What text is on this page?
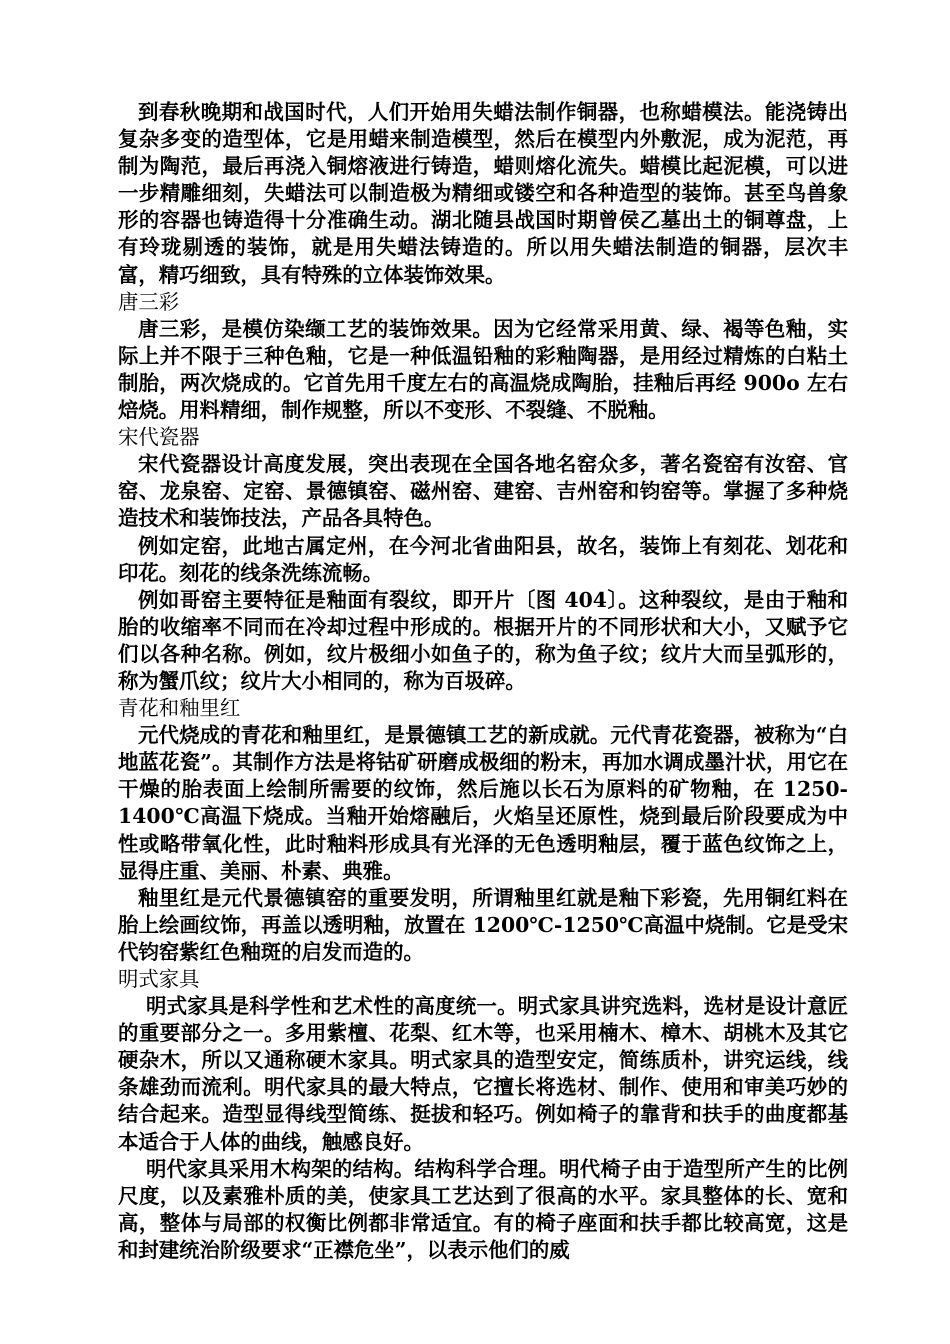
到春秋晚期和战国时代，人们开始用失蜡法制作铜器，也称蜡模法。能浇铸出复杂多变的造型体，它是用蜡来制造模型，然后在模型内外敷泥，成为泥范，再制为陶范，最后再浇入铜熔液进行铸造，蜡则熔化流失。蜡模比起泥模，可以进一步精雕细刻，失蜡法可以制造极为精细或镂空和各种造型的装饰。甚至鸟兽象形的容器也铸造得十分准确生动。湖北随县战国时期曾侯乙墓出土的铜尊盘，上有玲珑剔透的装饰，就是用失蜡法铸造的。所以用失蜡法制造的铜器，层次丰富，精巧细致，具有特殊的立体装饰效果。

唐三彩

唐三彩，是模仿染缬工艺的装饰效果。因为它经常采用黄、绿、褐等色釉，实际上并不限于三种色釉，它是一种低温铅釉的彩釉陶器，是用经过精炼的白粘土制胎，两次烧成的。它首先用千度左右的高温烧成陶胎，挂釉后再经 900o 左右焙烧。用料精细，制作规整，所以不变形、不裂缝、不脱釉。

宋代瓷器

宋代瓷器设计高度发展，突出表现在全国各地名窑众多，著名瓷窑有汝窑、官窑、龙泉窑、定窑、景德镇窑、磁州窑、建窑、吉州窑和钧窑等。掌握了多种烧造技术和装饰技法，产品各具特色。

例如定窑，此地古属定州，在今河北省曲阳县，故名，装饰上有刻花、划花和印花。刻花的线条洗练流畅。

例如哥窑主要特征是釉面有裂纹，即开片〔图 404〕。这种裂纹，是由于釉和胎的收缩率不同而在冷却过程中形成的。根据开片的不同形状和大小，又赋予它们以各种名称。例如，纹片极细小如鱼子的，称为鱼子纹；纹片大而呈弧形的，称为蟹爪纹；纹片大小相同的，称为百圾碎。

青花和釉里红

元代烧成的青花和釉里红，是景德镇工艺的新成就。元代青花瓷器，被称为“白地蓝花瓷”。其制作方法是将钴矿研磨成极细的粉末，再加水调成墨汁状，用它在干燥的胎表面上绘制所需要的纹饰，然后施以长石为原料的矿物釉，在 1250-1400℃高温下烧成。当釉开始熔融后，火焰呈还原性，烧到最后阶段要成为中性或略带氧化性，此时釉料形成具有光泽的无色透明釉层，覆于蓝色纹饰之上，显得庄重、美丽、朴素、典雅。

釉里红是元代景德镇窑的重要发明，所谓釉里红就是釉下彩瓷，先用铜红料在胎上绘画纹饰，再盖以透明釉，放置在 1200℃-1250℃高温中烧制。它是受宋代钧窑紫红色釉斑的启发而造的。

明式家具

明式家具是科学性和艺术性的高度统一。明式家具讲究选料，选材是设计意匠的重要部分之一。多用紫檀、花梨、红木等，也采用楠木、樟木、胡桃木及其它硬杂木，所以又通称硬木家具。明式家具的造型安定，简练质朴，讲究运线，线条雄劲而流利。明代家具的最大特点，它擅长将选材、制作、使用和审美巧妙的结合起来。造型显得线型简练、挺拔和轻巧。例如椅子的靠背和扶手的曲度都基本适合于人体的曲线，触感良好。

明代家具采用木构架的结构。结构科学合理。明代椅子由于造型所产生的比例尺度，以及素雅朴质的美，使家具工艺达到了很高的水平。家具整体的长、宽和高，整体与局部的权衡比例都非常适宜。有的椅子座面和扶手都比较高宽，这是和封建统治阶级要求“正襟危坐”，以表示他们的威
